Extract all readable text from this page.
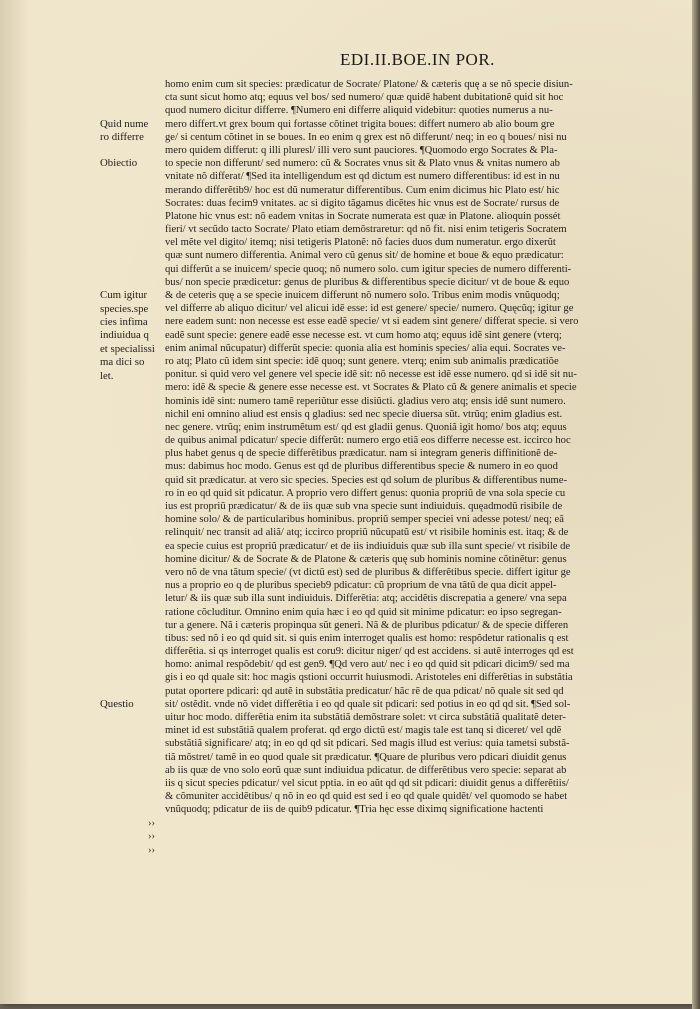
EDI.II.BOE.IN POR.
homo enim cum sit species: prædicatur de Socrate/ Platone/ & cæteris quę a se nõ specie disiun-
cta sunt sicut homo atq; equus vel bos/ sed numero/ quæ quidẽ habent dubitationẽ quid sit hoc
quod numero dicitur differre. ¶Numero eni differre aliquid videbitur: quoties numerus a nu-
mero differt.vt grex boum qui fortasse cõtinet trigita boues: differt numero ab alio boum gre
ge/ si centum cõtinet in se boues. In eo enim q grex est nõ differunt/ neq; in eo q boues/ nisi nu
mero quidem differut: q illi pluresl/ illi vero sunt pauciores. ¶Quomodo ergo Socrates & Pla-
to specie non differunt/ sed numero: cũ & Socrates vnus sit & Plato vnus & vnitas numero ab
vnitate nõ differat/ ¶Sed ita intelligendum est qd dictum est numero differentibus: id est in nu
merando differẽtib9/ hoc est dũ numeratur differentibus. Cum enim dicimus hic Plato est/ hic
Socrates: duas fecim9 vnitates. ac si digito tãgamus dicẽtes hic vnus est de Socrate/ rursus de
Platone hic vnus est: nõ eadem vnitas in Socrate numerata est quæ in Platone. alioquin possét
fieri/ vt secũdo tacto Socrate/ Plato etiam demõstraretur: qd nõ fit. nisi enim tetigeris Socratem
vel mẽte vel digito/ itemq; nisi tetigeris Platonẽ: nõ facies duos dum numeratur. ergo dixerũt
quæ sunt numero differentia. Animal vero cũ genus sit/ de homine et boue & equo prædicatur:
qui differũt a se inuicem/ specie quoq; nõ numero solo. cum igitur species de numero differenti-
bus/ non specie prædicetur: genus de pluribus & differentibus specie dicitur/ vt de boue & equo
& de ceteris quę a se specie inuicem differunt nõ numero solo. Tribus enim modis vnũquodq;
vel differre ab aliquo dicitur/ vel alicui idẽ esse: id est genere/ specie/ numero. Quęcũq; igitur ge
nere eadem sunt: non necesse est esse eadẽ specie/ vt si eadem sint genere/ differat specie. si vero
eadẽ sunt specie: genere eadẽ esse necesse est. vt cum homo atq; equus idẽ sint genere (vterq;
enim animal nũcupatur) differũt specie: quonia alia est hominis species/ alia equi. Socrates ve-
ro atq; Plato cũ idem sint specie: idẽ quoq; sunt genere. vterq; enim sub animalis prædicatiõe
ponitur. si quid vero vel genere vel specie idẽ sit: nõ necesse est idẽ esse numero. qd si idẽ sit nu-
mero: idẽ & specie & genere esse necesse est. vt Socrates & Plato cũ & genere animalis et specie
hominis idẽ sint: numero tamẽ reperiũtur esse disiũcti. gladius vero atq; ensis idẽ sunt numero.
nichil eni omnino aliud est ensis q gladius: sed nec specie diuersa sũt. vtrũq; enim gladius est.
nec genere. vtrũq; enim instrumẽtum est/ qd est gladii genus. Quoniã igit homo/ bos atq; equus
de quibus animal pdicatur/ specie differũt: numero ergo etiã eos differre necesse est. iccirco hoc
plus habet genus q de specie differẽtibus prædicatur. nam si integram generis diffinitionẽ de-
mus: dabimus hoc modo. Genus est qd de pluribus differentibus specie & numero in eo quod
quid sit prædicatur. at vero sic species. Species est qd solum de pluribus & differentibus nume-
ro in eo qd quid sit pdicatur. A proprio vero differt genus: quonia propriũ de vna sola specie cu
ius est propriũ prædicatur/ & de iis quæ sub vna specie sunt indiuiduis. quęadmodũ risibile de
homine solo/ & de particularibus hominibus. propriũ semper speciei vni adesse potest/ neq; eã
relinquit/ nec transit ad aliã/ atq; iccirco propriũ nũcupatũ est/ vt risibile hominis est. itaq; & de
ea specie cuius est propriũ prædicatur/ et de iis indiuiduis quæ sub illa sunt specie/ vt risibile de
homine dicitur/ & de Socrate & de Platone & cæteris quę sub hominis nomine cõtinẽtur: genus
vero nõ de vna tãtum specie/ (vt dictũ est) sed de pluribus & differẽtibus specie. differt igitur ge
nus a proprio eo q de pluribus specieb9 pdicatur: cũ proprium de vna tãtũ de qua dicit appel-
letur/ & iis quæ sub illa sunt indiuiduis. Differẽtia: atq; accidẽtis discrepatia a genere/ vna sepa
ratione cõcluditur. Omnino enim quia hæc i eo qd quid sit minime pdicatur: eo ipso segregan-
tur a genere. Nã i cæteris propinqua sũt generi. Nã & de pluribus pdicatur/ & de specie differen
tibus: sed nõ i eo qd quid sit. si quis enim interroget qualis est homo: respõdetur rationalis q est
differẽtia. si qs interroget qualis est coru9: dicitur niger/ qd est accidens. si autẽ interroges qd est
homo: animal respõdebit/ qd est gen9. ¶Qd vero aut/ nec i eo qd quid sit pdicari dicim9/ sed ma
gis i eo qd quale sit: hoc magis qstioni occurrit huiusmodi. Aristoteles eni differẽtias in substãtia
putat oportere pdicari: qd autẽ in substãtia predicatur/ hãc rẽ de qua pdicat/ nõ quale sit sed qd
sit/ ostẽdit. vnde nõ videt differẽtia i eo qd quale sit pdicari: sed potius in eo qd qd sit. ¶Sed sol-
uitur hoc modo. differẽtia enim ita substãtiã demõstrare solet: vt circa substãtiã qualitatẽ deter-
minet id est substãtiã qualem proferat. qd ergo dictũ est/ magis tale est tanq si diceret/ vel qdẽ
substãtiã significare/ atq; in eo qd qd sit pdicari. Sed magis illud est verius: quia tametsi substã-
tiã mõstret/ tamẽ in eo quod quale sit prædicatur. ¶Quare de pluribus vero pdicari diuidit genus
ab iis quæ de vno solo eorũ quæ sunt indiuidua pdicatur. de differẽtibus vero specie: separat ab
iis q sicut species pdicatur/ vel sicut pptia. in eo aũt qd qd sit pdicari: diuidit genus a differẽtiis/
& cõmuniter accidẽtibus/ q nõ in eo qd quid est sed i eo qd quale quidẽt/ vel quomodo se habet
vnũquodq; pdicatur de iis de quib9 pdicatur. ¶Tria hęc esse diximq significatione hactenti
Quid nume
ro differre
Obiectio
Cum igitur
species.spe
cies infima
indiuidua q
et specialissi
ma dici so
let.
Questio
››
››
››
